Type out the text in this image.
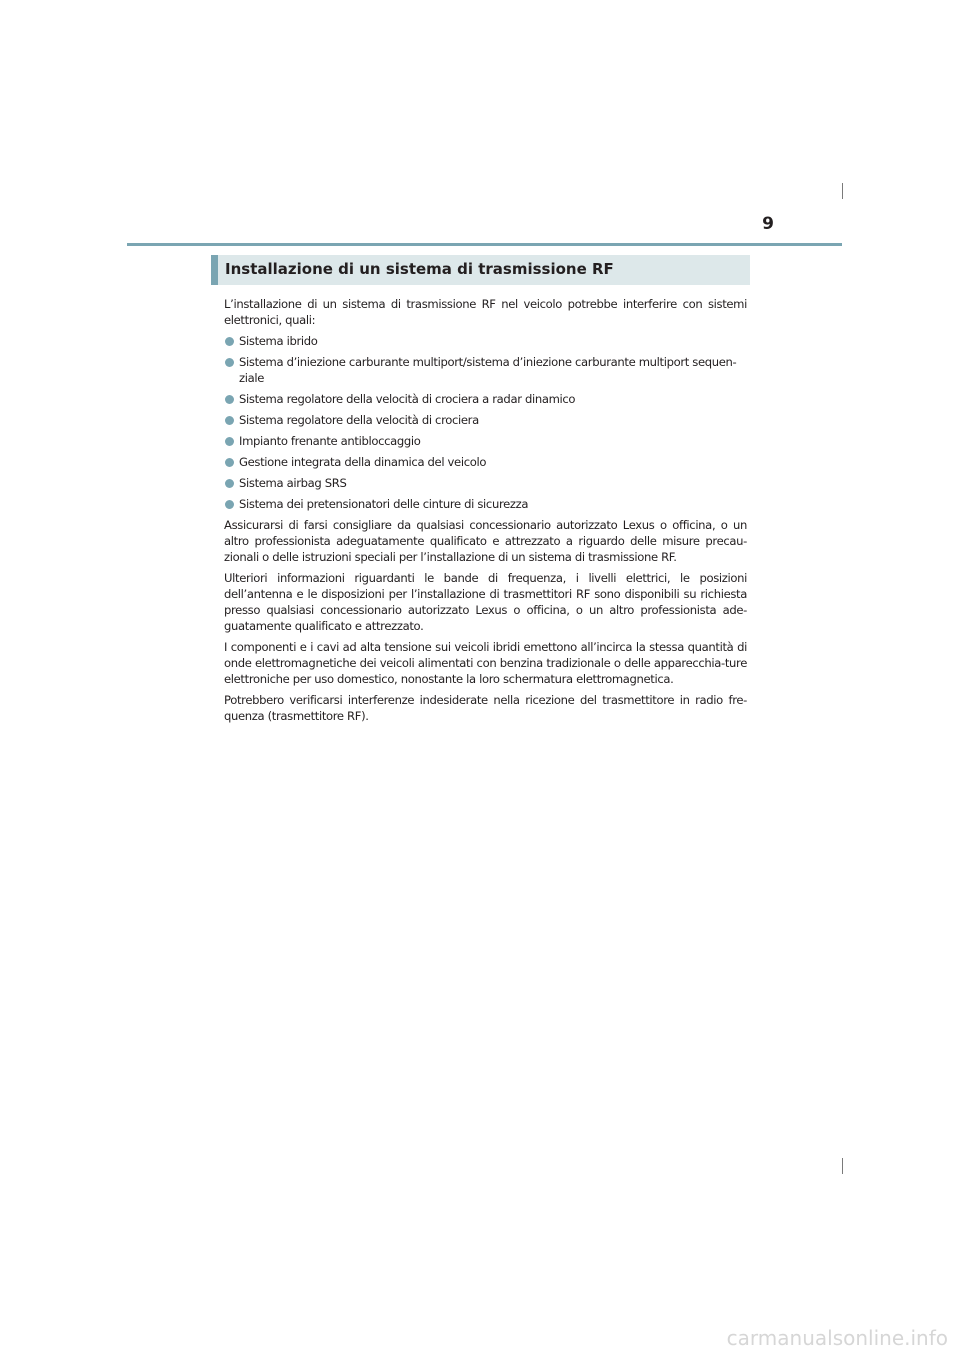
9
Installazione di un sistema di trasmissione RF

L’installazione di un sistema di trasmissione RF nel veicolo potrebbe interferire con sistemi elettronici, quali:

Sistema ibrido
Sistema d’iniezione carburante multiport/sistema d’iniezione carburante multiport sequen-ziale
Sistema regolatore della velocità di crociera a radar dinamico
Sistema regolatore della velocità di crociera
Impianto frenante antibloccaggio
Gestione integrata della dinamica del veicolo
Sistema airbag SRS
Sistema dei pretensionatori delle cinture di sicurezza

Assicurarsi di farsi consigliare da qualsiasi concessionario autorizzato Lexus o officina, o un altro professionista adeguatamente qualificato e attrezzato a riguardo delle misure precau-zionali o delle istruzioni speciali per l’installazione di un sistema di trasmissione RF.

Ulteriori informazioni riguardanti le bande di frequenza, i livelli elettrici, le posizioni dell’antenna e le disposizioni per l’installazione di trasmettitori RF sono disponibili su richiesta presso qualsiasi concessionario autorizzato Lexus o officina, o un altro professionista ade-guatamente qualificato e attrezzato.

I componenti e i cavi ad alta tensione sui veicoli ibridi emettono all’incirca la stessa quantità di onde elettromagnetiche dei veicoli alimentati con benzina tradizionale o delle apparecchia-ture elettroniche per uso domestico, nonostante la loro schermatura elettromagnetica.

Potrebbero verificarsi interferenze indesiderate nella ricezione del trasmettitore in radio fre-quenza (trasmettitore RF).

carmanualsonline.info
